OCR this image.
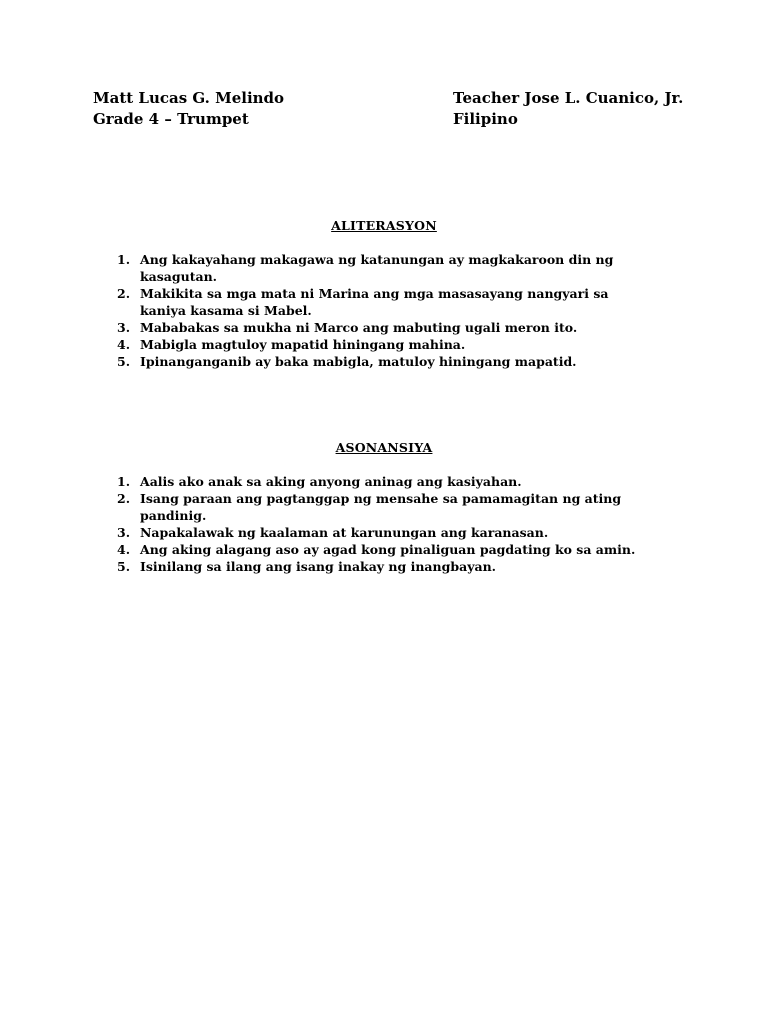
Matt Lucas G. Melindo
Grade 4 – Trumpet
Teacher Jose L. Cuanico, Jr.
Filipino
ALITERASYON
1. Ang kakayahang makagawa ng katanungan ay magkakaroon din ng kasagutan.
2. Makikita sa mga mata ni Marina ang mga masasayang nangyari sa kaniya kasama si Mabel.
3. Mababakas sa mukha ni Marco ang mabuting ugali meron ito.
4. Mabigla magtuloy mapatid hiningang mahina.
5. Ipinanganganib ay baka mabigla, matuloy hiningang mapatid.
ASONANSIYA
1. Aalis ako anak sa aking anyong aninag ang kasiyahan.
2. Isang paraan ang pagtanggap ng mensahe sa pamamagitan ng ating pandinig.
3. Napakalawak ng kaalaman at karunungan ang karanasan.
4. Ang aking alagang aso ay agad kong pinaliguan pagdating ko sa amin.
5. Isinilang sa ilang ang isang inakay ng inangbayan.
